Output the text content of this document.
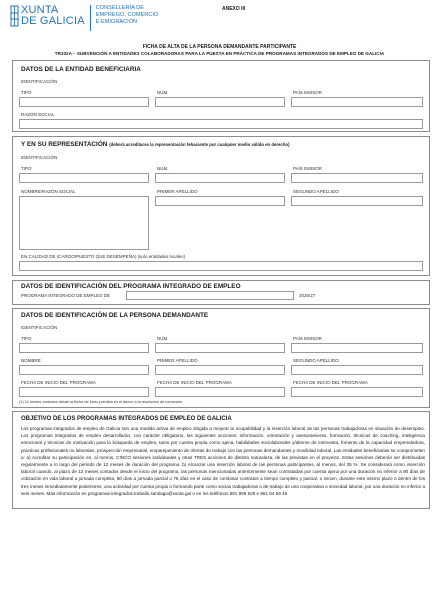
XUNTA
DE GALICIA
CONSELLERÍA DE
EMPREGO, COMERCIO
E EMIGRACIÓN
ANEXO III
FICHA DE ALTA DE LA PERSONA DEMANDANTE PARTICIPANTE
TR332A – SUBVENCIÓN A ENTIDADES COLABORADORAS PARA LA PUESTA EN PRÁCTICA DE PROGRAMAS INTEGRADOS DE EMPLEO DE GALICIA
DATOS DE LA ENTIDAD BENEFICIARIA
IDENTIFICACIÓN
TIPO	NÚM.	PAÍS EMISOR
RAZÓN SOCIAL
Y EN SU REPRESENTACIÓN (deberá acreditarse la representación fehaciente por cualquier medio válido en derecho)
IDENTIFICACIÓN
TIPO	NÚM.	PAÍS EMISOR
NOMBRE/RAZÓN SOCIAL	PRIMER APELLIDO	SEGUNDO APELLIDO
EN CALIDAD DE (CARGO/PUESTO QUE DESEMPEÑA) (solo entidades locales)
DATOS DE IDENTIFICACIÓN DEL PROGRAMA INTEGRADO DE EMPLEO
PROGRAMA INTEGRADO DE EMPLEO DE	2026/27
DATOS DE IDENTIFICACIÓN DE LA PERSONA DEMANDANTE
IDENTIFICACIÓN
TIPO	NÚM.	PAÍS EMISOR
NOMBRE	PRIMER APELLIDO	SEGUNDO APELLIDO
FECHA DE INICIO DEL PROGRAMA	FECHA DE INICIO DEL PROGRAMA	FECHA DE INICIO DEL PROGRAMA
(1) 12 meses contados desde la fecha de inicio prevista en el anexo a la resolución de concesión
OBJETIVO DE LOS PROGRAMAS INTEGRADOS DE EMPLEO DE GALICIA
Los programas integrados de empleo de Galicia son una medida activa de empleo dirigida a mejorar la ocupabilidad y la inserción laboral de las personas trabajadoras en situación de desempleo. Los programas integrados de empleo desarrollarán, con carácter obligatorio, las siguientes acciones: información, orientación y asesoramiento, formación, técnicas de coaching, inteligencia emocional y técnicas de motivación para la búsqueda de empleo, tanto por cuenta propia como ajena, habilidades sociolaborales y/alterne de entrevista, fomento de la capacidad emprendedora, prácticas profesionales no laborales, prospección empresarial, emparejamiento de ofertas de trabajo con las personas demandantes y movilidad laboral. Las entidades beneficiarias se comprometen a: a) Acreditar su participación en, al menos, CINCO sesiones individuales y otras TRES acciones de distinta naturaleza, de las previstas en el proyecto. Estas sesiones deberán ser distribuidas regularmente a lo largo del periodo de 12 meses de duración del programa. b) Alcanzar una inserción laboral de las personas participantes, al menos, del 35 %. Se considerará como inserción laboral cuando, al plazo de 12 meses contados desde el inicio del programa, las personas mencionadas anteriormente sean contratadas por cuenta ajena por una duración no inferior a 90 días de cotización en vida laboral a jornada completa, 80 días a jornada parcial o 75 días en el caso de combinar contratos a tiempo completo y parcial, o inicien, durante este mismo plazo o dentro de los tres meses inmediatamente posteriores, una actividad por cuenta propia o formando parte como socias trabajadoras o de trabajo de una cooperativa o sociedad laboral, por una duración no inferior a seis meses. Más información en programas-integrados.traballo.santiago@xunta.gal o en los teléfonos 881 999 629 e 881 54 59 45
